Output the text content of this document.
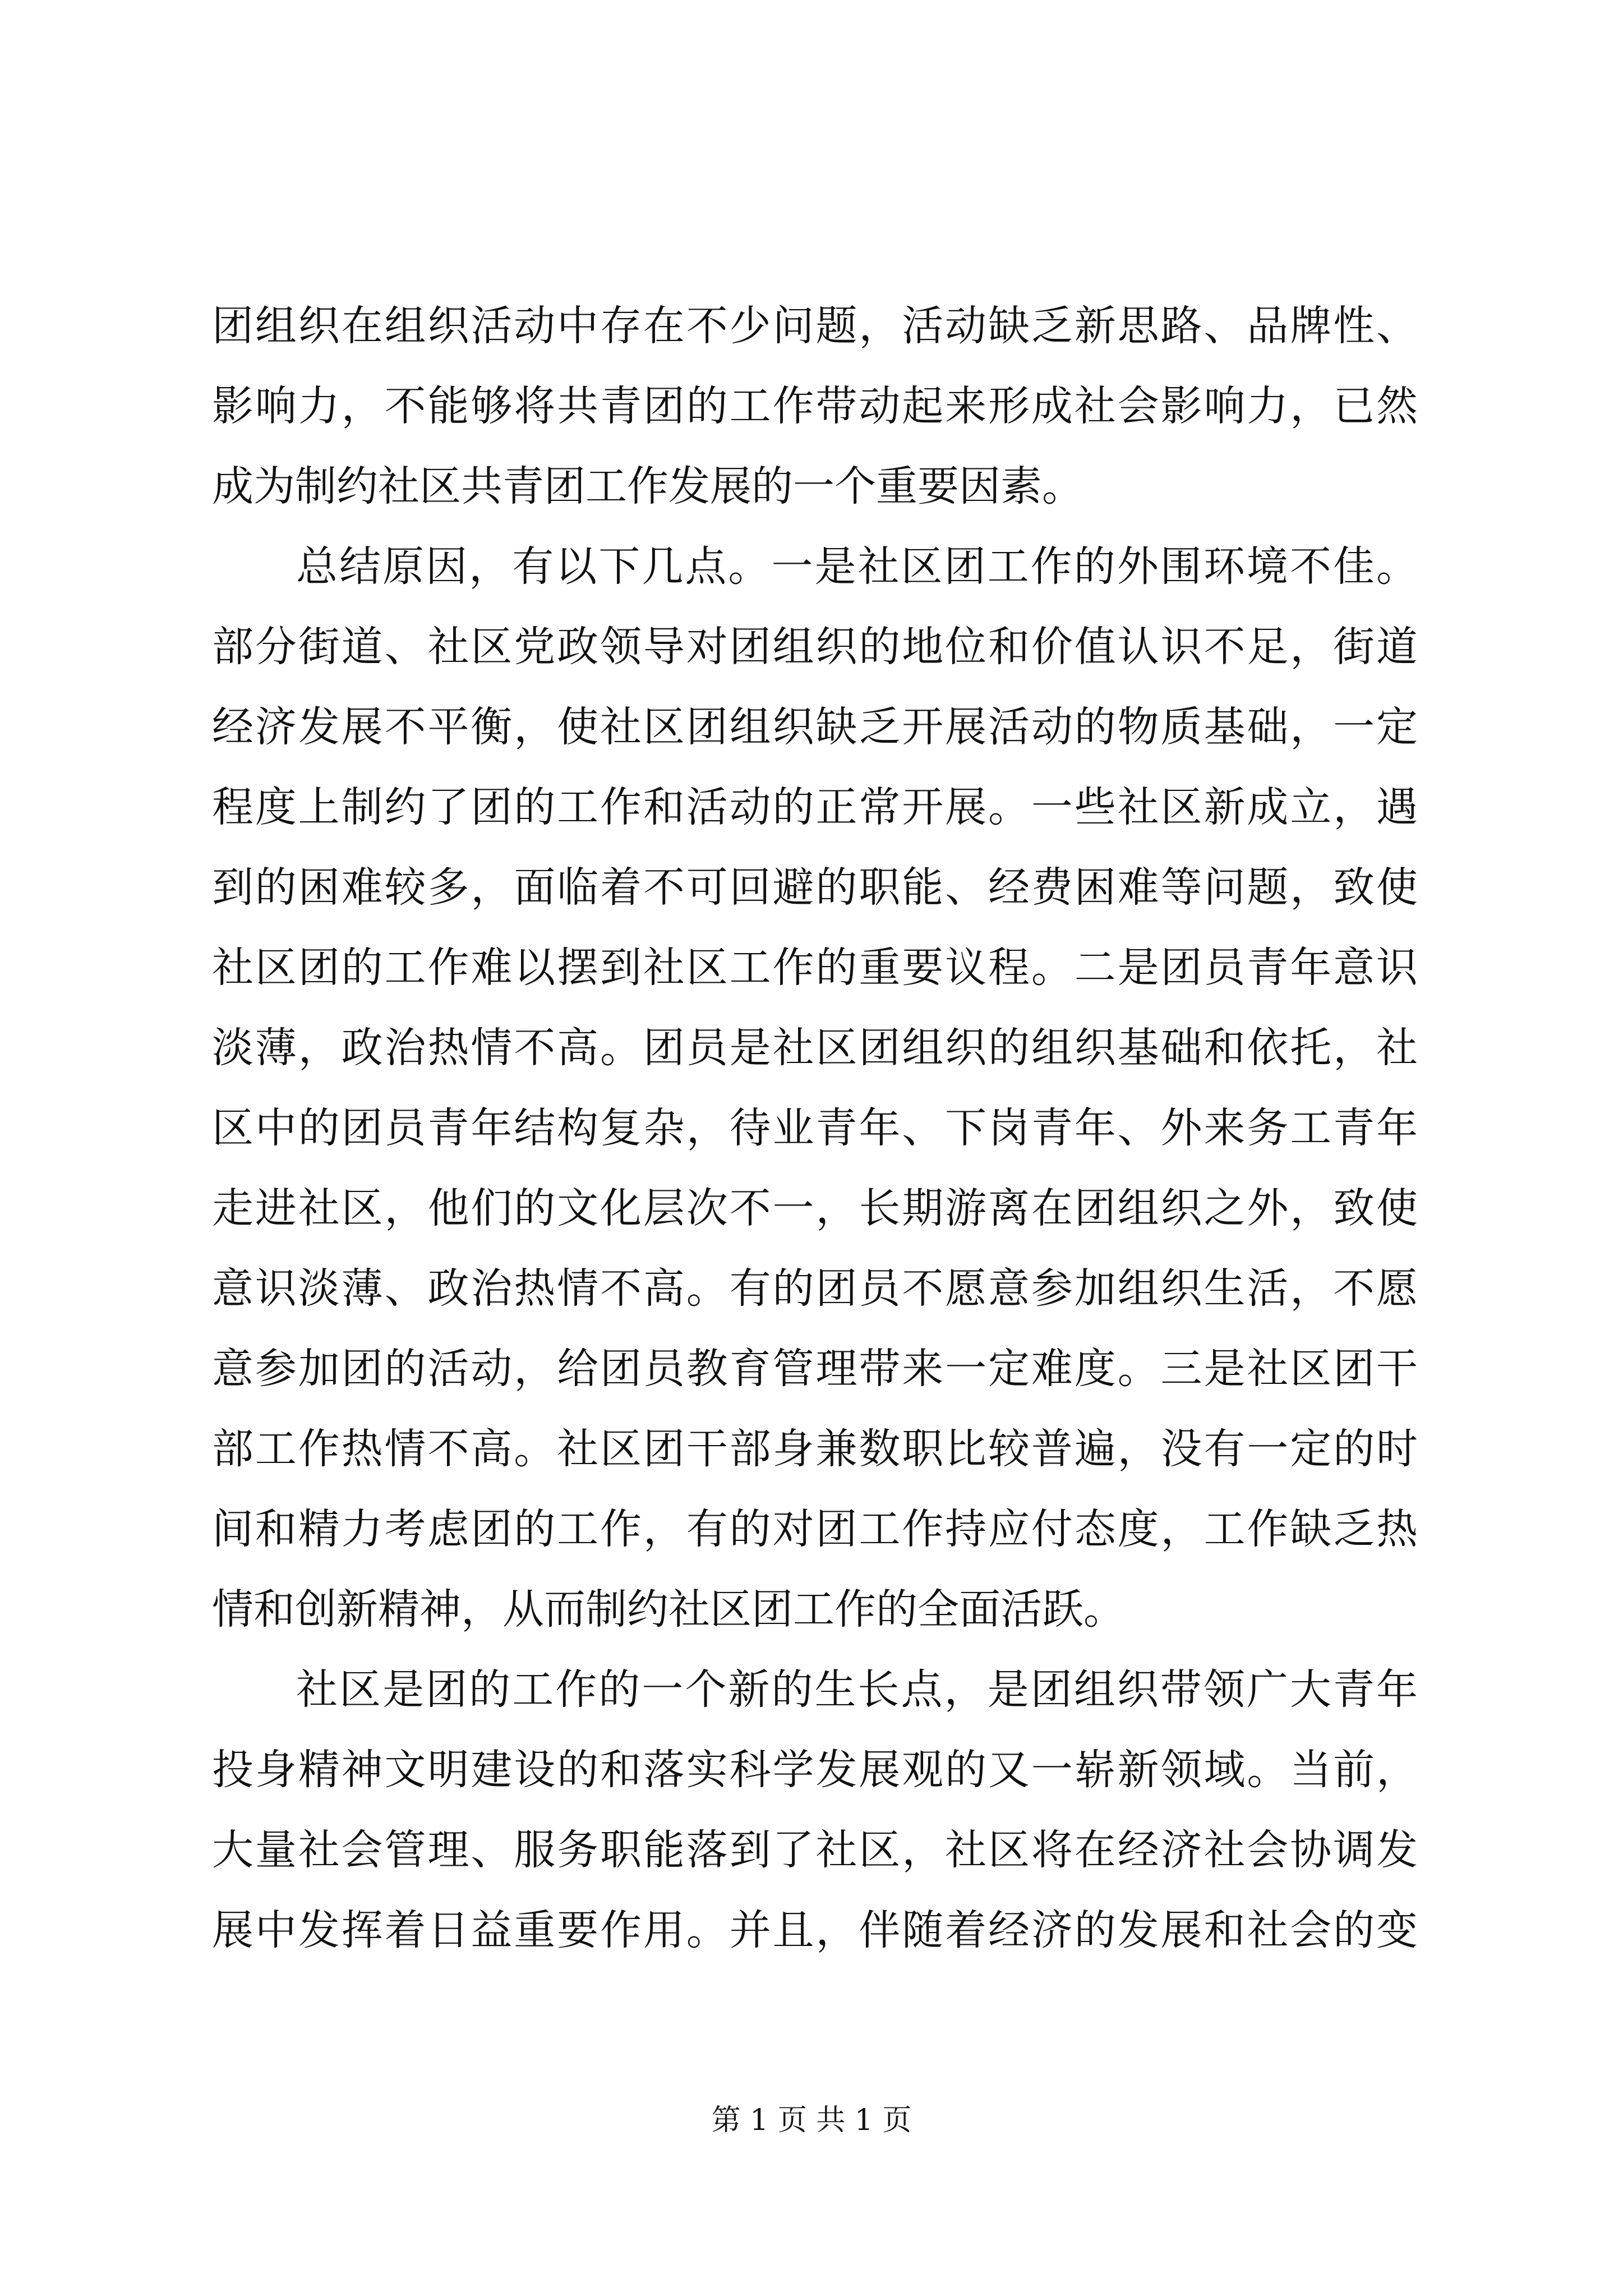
团组织在组织活动中存在不少问题，活动缺乏新思路、品牌性、
影响力，不能够将共青团的工作带动起来形成社会影响力，已然
成为制约社区共青团工作发展的一个重要因素。
总结原因，有以下几点。一是社区团工作的外围环境不佳。
部分街道、社区党政领导对团组织的地位和价值认识不足，街道
经济发展不平衡，使社区团组织缺乏开展活动的物质基础，一定
程度上制约了团的工作和活动的正常开展。一些社区新成立，遇
到的困难较多，面临着不可回避的职能、经费困难等问题，致使
社区团的工作难以摆到社区工作的重要议程。二是团员青年意识
淡薄，政治热情不高。团员是社区团组织的组织基础和依托，社
区中的团员青年结构复杂，待业青年、下岗青年、外来务工青年
走进社区，他们的文化层次不一，长期游离在团组织之外，致使
意识淡薄、政治热情不高。有的团员不愿意参加组织生活，不愿
意参加团的活动，给团员教育管理带来一定难度。三是社区团干
部工作热情不高。社区团干部身兼数职比较普遍，没有一定的时
间和精力考虑团的工作，有的对团工作持应付态度，工作缺乏热
情和创新精神，从而制约社区团工作的全面活跃。
社区是团的工作的一个新的生长点，是团组织带领广大青年
投身精神文明建设的和落实科学发展观的又一崭新领域。当前，
大量社会管理、服务职能落到了社区，社区将在经济社会协调发
展中发挥着日益重要作用。并且，伴随着经济的发展和社会的变
第 1 页 共 1 页
